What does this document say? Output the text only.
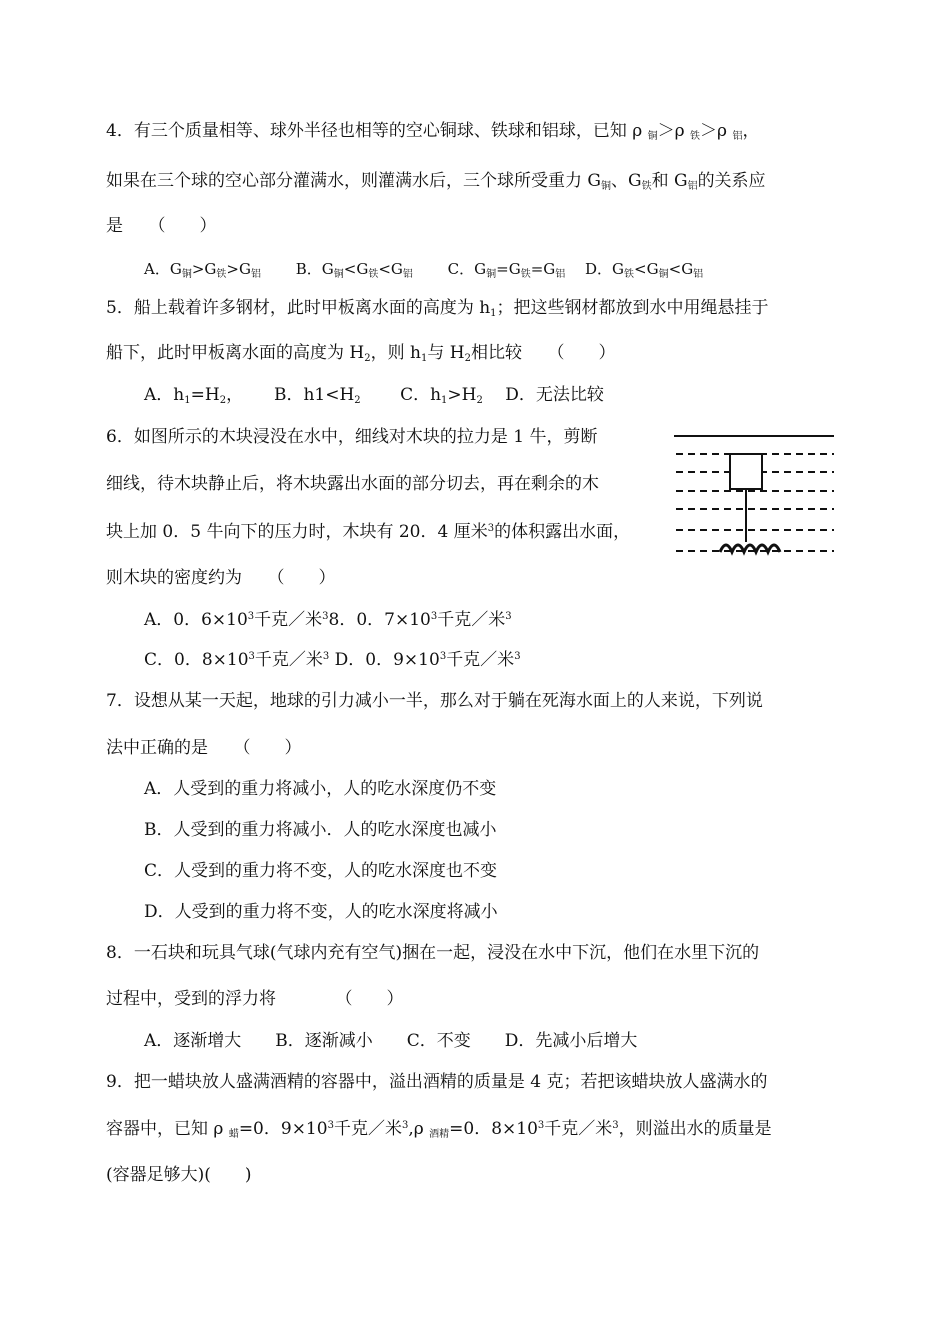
4．有三个质量相等、球外半径也相等的空心铜球、铁球和铝球，已知 ρ $_铜$＞ρ $_铁$＞ρ $_铝$，
如果在三个球的空心部分灌满水，则灌满水后，三个球所受重力 $G_铜$、$G_铁$和 $G_铝$的关系应
是　　（　　）
A．$G_铜>G_铁>G_铝$　　 B．$G_铜<G_铁<G_铝$　　 C．$G_铜=G_铁=G_铝$　 D．$G_铁<G_铜<G_铝$
5．船上载着许多钢材，此时甲板离水面的高度为 $h_1$；把这些钢材都放到水中用绳悬挂于
船下，此时甲板离水面的高度为 $H_2$，则 $h_1$与 $H_2$相比较　　（　　）
A．$h_1=H_2$，　　 B．$h1<H_2$　　 C．$h_1>H_2$　 D．无法比较
6．如图所示的木块浸没在水中，细线对木块的拉力是 1 牛，剪断
细线，待木块静止后，将木块露出水面的部分切去，再在剩余的木
块上加 0．5 牛向下的压力时，木块有 20．4 厘米$^3$的体积露出水面，
则木块的密度约为　　（　　）
A．0．$6\times 10^3$千克／米$^3$8．0．$7\times 10^3$千克／米$^3$
C．0．$8\times 10^3$千克／米$^3$ D．0．$9\times 10^3$千克／米$^3$
7．设想从某一天起，地球的引力减小一半，那么对于躺在死海水面上的人来说，下列说
法中正确的是　　（　　）
A．人受到的重力将减小，人的吃水深度仍不变
B．人受到的重力将减小．人的吃水深度也减小
C．人受到的重力将不变，人的吃水深度也不变
D．人受到的重力将不变，人的吃水深度将减小
8．一石块和玩具气球(气球内充有空气)捆在一起，浸没在水中下沉，他们在水里下沉的
过程中，受到的浮力将　　　　（　　）
A．逐渐增大　　B．逐渐减小　　C．不变　　D．先减小后增大
9．把一蜡块放人盛满酒精的容器中，溢出酒精的质量是 4 克；若把该蜡块放人盛满水的
容器中，已知 ρ $_蜡$=0．$9\times 10^3$千克／米$^3$,ρ $_{酒精}$=0．$8\times 10^3$千克／米$^3$，则溢出水的质量是
(容器足够大)(　　)
